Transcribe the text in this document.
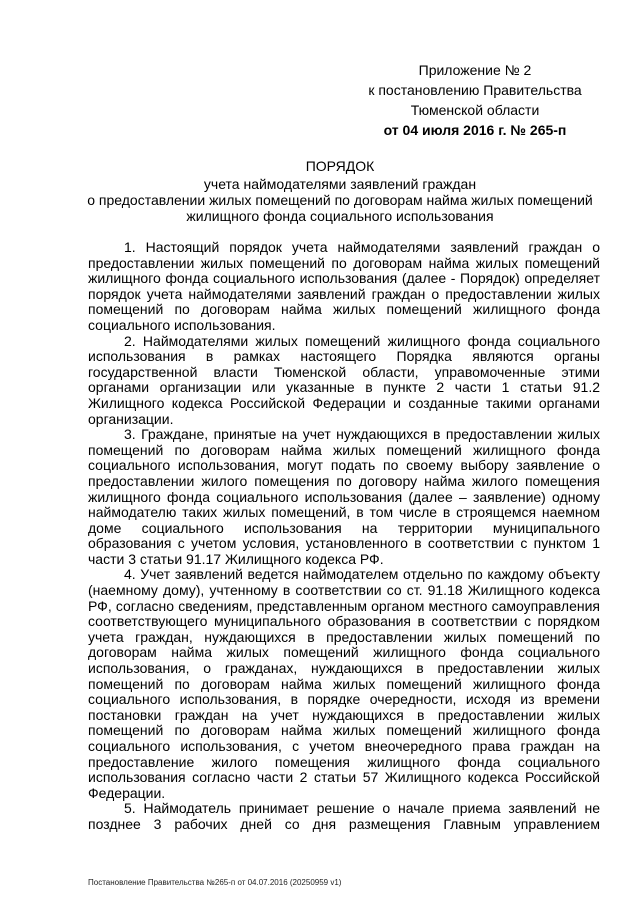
Приложение № 2
к постановлению Правительства
Тюменской области
от 04 июля 2016 г. № 265-п
ПОРЯДОК
учета наймодателями заявлений граждан
о предоставлении жилых помещений по договорам найма жилых помещений
жилищного фонда социального использования

1. Настоящий порядок учета наймодателями заявлений граждан о предоставлении жилых помещений по договорам найма жилых помещений жилищного фонда социального использования (далее - Порядок) определяет порядок учета наймодателями заявлений граждан о предоставлении жилых помещений по договорам найма жилых помещений жилищного фонда социального использования.

2. Наймодателями жилых помещений жилищного фонда социального использования в рамках настоящего Порядка являются органы государственной власти Тюменской области, управомоченные этими органами организации или указанные в пункте 2 части 1 статьи 91.2 Жилищного кодекса Российской Федерации и созданные такими органами организации.

3. Граждане, принятые на учет нуждающихся в предоставлении жилых помещений по договорам найма жилых помещений жилищного фонда социального использования, могут подать по своему выбору заявление о предоставлении жилого помещения по договору найма жилого помещения жилищного фонда социального использования (далее – заявление) одному наймодателю таких жилых помещений, в том числе в строящемся наемном доме социального использования на территории муниципального образования с учетом условия, установленного в соответствии с пунктом 1 части 3 статьи 91.17 Жилищного кодекса РФ.

4. Учет заявлений ведется наймодателем отдельно по каждому объекту (наемному дому), учтенному в соответствии со ст. 91.18 Жилищного кодекса РФ, согласно сведениям, представленным органом местного самоуправления соответствующего муниципального образования в соответствии с порядком учета граждан, нуждающихся в предоставлении жилых помещений по договорам найма жилых помещений жилищного фонда социального использования, о гражданах, нуждающихся в предоставлении жилых помещений по договорам найма жилых помещений жилищного фонда социального использования, в порядке очередности, исходя из времени постановки граждан на учет нуждающихся в предоставлении жилых помещений по договорам найма жилых помещений жилищного фонда социального использования, с учетом внеочередного права граждан на предоставление жилого помещения жилищного фонда социального использования согласно части 2 статьи 57 Жилищного кодекса Российской Федерации.

5. Наймодатель принимает решение о начале приема заявлений не позднее 3 рабочих дней со дня размещения Главным управлением

Постановление Правительства №265-п от 04.07.2016 (20250959 v1)
